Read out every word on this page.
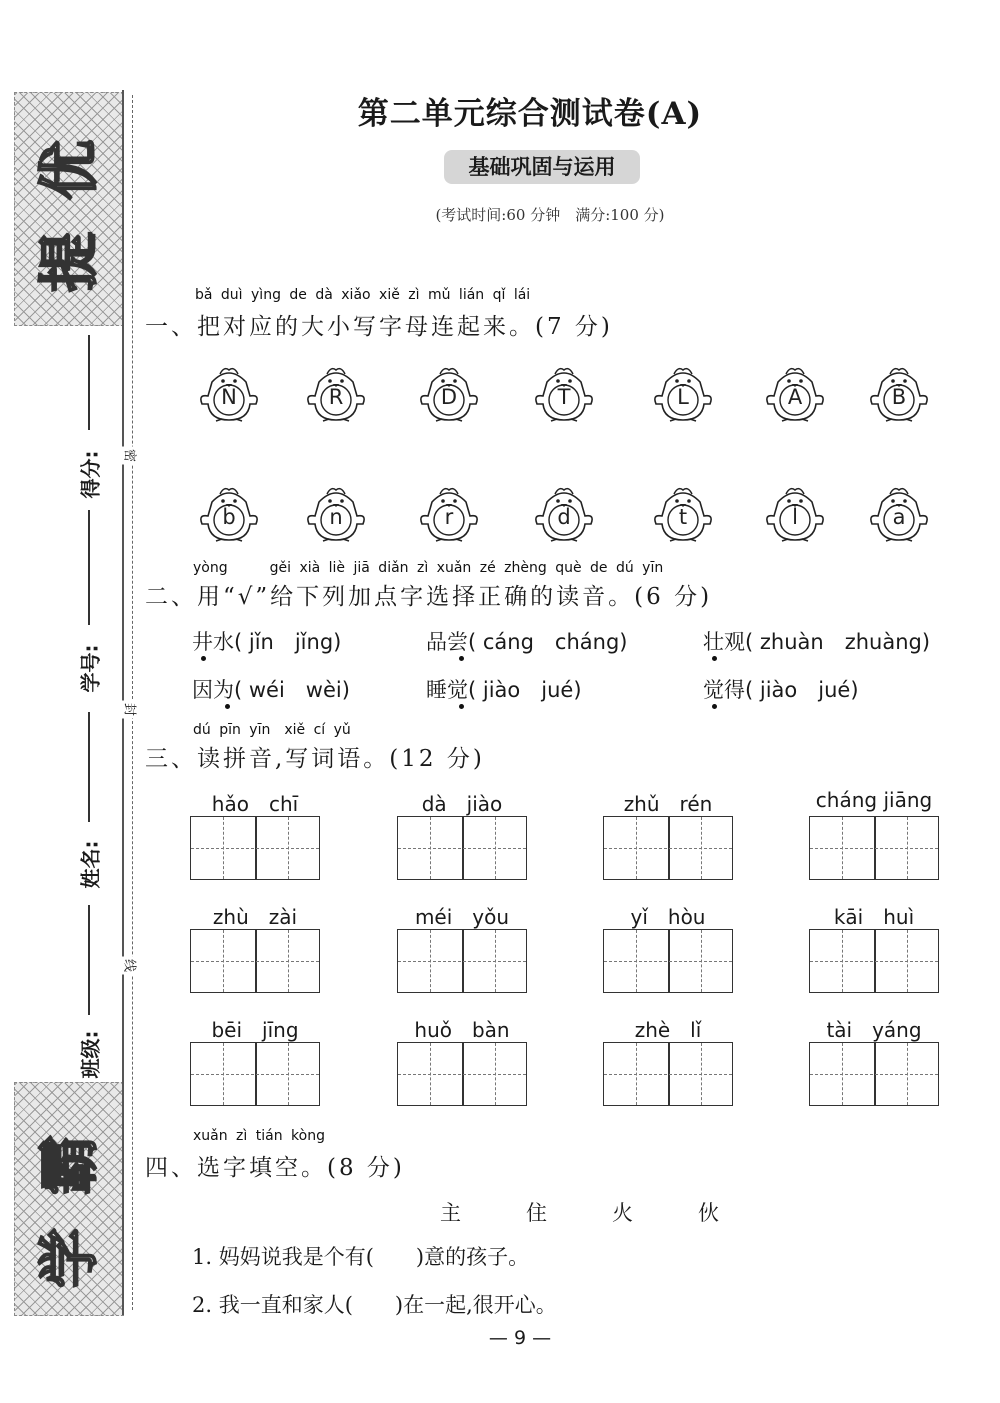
提
优
学
霸
得分:
学号:
姓名:
班级:
密
封
线
第二单元综合测试卷(A)
基础巩固与运用
(考试时间:60 分钟　满分:100 分)
bǎ duì yìng de dà xiǎo xiě zì mǔ lián qǐ lái
一、把对应的大小写字母连起来。(7 分)
N	R	D	T	L	A	B
b	n	r	d	t	l	a
yòng　　　gěi xià liè jiā diǎn zì xuǎn zé zhèng què de dú yīn
二、用“√”给下列加点字选择正确的读音。(6 分)
井水( jǐn　jǐng)	品尝( cáng　cháng)	壮观( zhuàn　zhuàng)
因为( wéi　wèi)	睡觉( jiào　jué)	觉得( jiào　jué)
dú pīn yīn　xiě cí yǔ
三、读拼音,写词语。(12 分)
hǎo　chī	dà　jiào	zhǔ　rén	cháng jiāng
zhù　zài	méi　yǒu	yǐ　hòu	kāi　huì
bēi　jīng	huǒ　bàn	zhè　lǐ	tài　yáng
xuǎn zì tián kòng
四、选字填空。(8 分)
主	住	火	伙
1. 妈妈说我是个有(　　)意的孩子。
2. 我一直和家人(　　)在一起,很开心。
— 9 —
